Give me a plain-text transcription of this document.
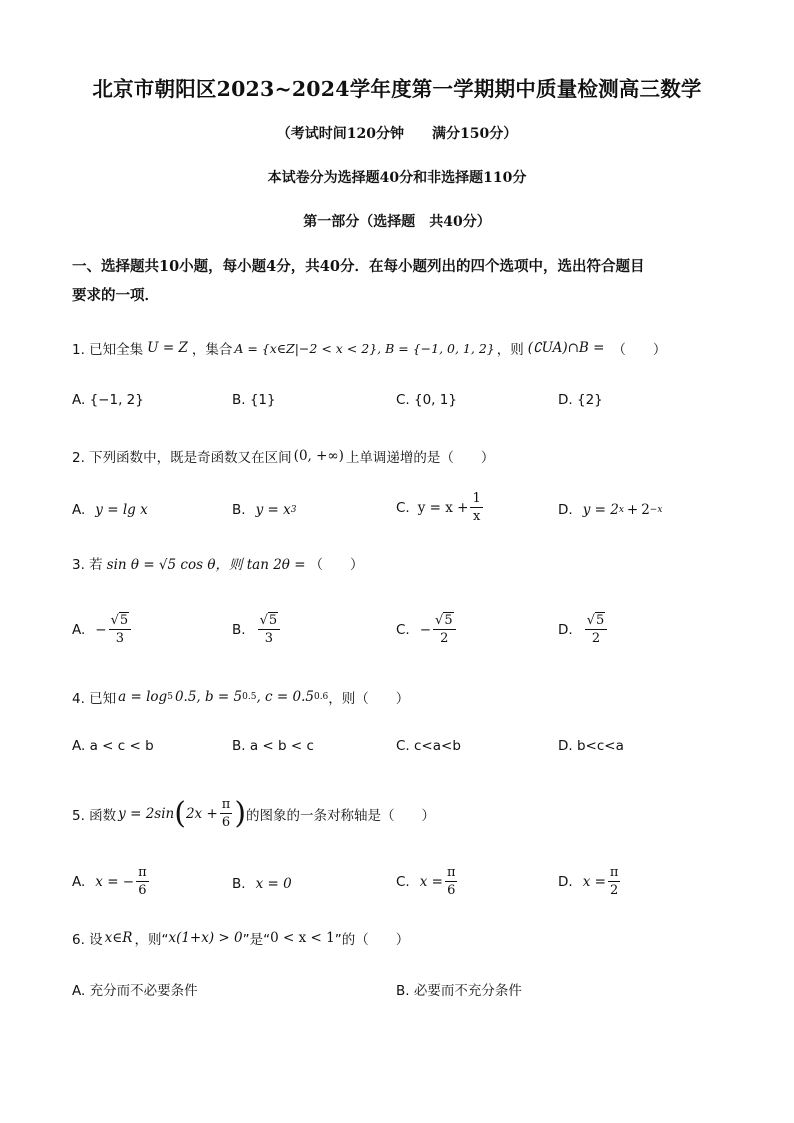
北京市朝阳区2023~2024学年度第一学期期中质量检测高三数学
（考试时间120分钟　　满分150分）
本试卷分为选择题40分和非选择题110分
第一部分（选择题　共40分）
一、选择题共10小题，每小题4分，共40分．在每小题列出的四个选项中，选出符合题目
要求的一项．
1. 已知全集 U = Z ，集合 A = {x∈Z|−2 < x < 2}, B = {−1, 0, 1, 2} ，则 (∁UA)∩B = （　　）
A. {−1, 2}	B. {1}	C. {0, 1}	D. {2}
2. 下列函数中，既是奇函数又在区间 (0, +∞) 上单调递增的是（　　）
A. y = lg x	B. y = x 3	C. $y = x + \frac{1}{x}$	D. y = 2 x + 2 −x
3. 若 sin θ = √5 cos θ，则 tan 2θ = （　　）
A. − $\frac{√5}{3}$	B. $\frac{√5}{3}$	C. − $\frac{√5}{2}$	D. $\frac{√5}{2}$
4. 已知 a = log 5 0.5, b = 5 0.5 , c = 0.5 0.6 ，则（　　）
A. a < c < b	B. a < b < c	C. c<a<b	D. b<c<a
5. 函数 y = 2sin ( $2x + \frac{\pi}{6}$ ) 的图象的一条对称轴是（　　）
A. x = − $\frac{\pi}{6}$	B. x = 0	C. $x = \frac{\pi}{6}$	D. $x = \frac{\pi}{2}$
6. 设 x∈R ，则“ x(1+x) > 0 ”是“ 0 < x < 1 ”的（　　）
A. 充分而不必要条件	B. 必要而不充分条件
